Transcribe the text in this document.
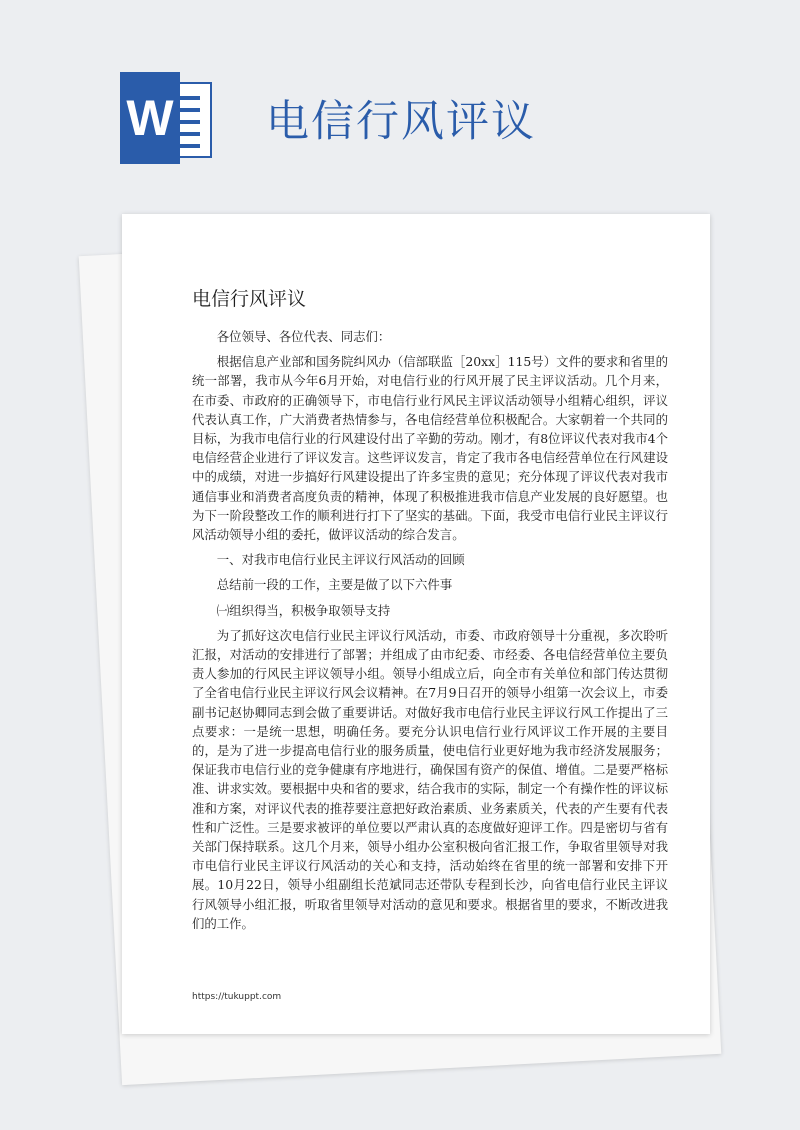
W 电信行风评议
电信行风评议

各位领导、各位代表、同志们：

根据信息产业部和国务院纠风办（信部联监［20xx］115号）文件的要求和省里的统一部署，我市从今年6月开始，对电信行业的行风开展了民主评议活动。几个月来，在市委、市政府的正确领导下，市电信行业行风民主评议活动领导小组精心组织，评议代表认真工作，广大消费者热情参与，各电信经营单位积极配合。大家朝着一个共同的目标，为我市电信行业的行风建设付出了辛勤的劳动。刚才，有8位评议代表对我市4个电信经营企业进行了评议发言。这些评议发言，肯定了我市各电信经营单位在行风建设中的成绩，对进一步搞好行风建设提出了许多宝贵的意见；充分体现了评议代表对我市通信事业和消费者高度负责的精神，体现了积极推进我市信息产业发展的良好愿望。也为下一阶段整改工作的顺利进行打下了坚实的基础。下面，我受市电信行业民主评议行风活动领导小组的委托，做评议活动的综合发言。

一、对我市电信行业民主评议行风活动的回顾

总结前一段的工作，主要是做了以下六件事

㈠组织得当，积极争取领导支持

为了抓好这次电信行业民主评议行风活动，市委、市政府领导十分重视，多次聆听汇报，对活动的安排进行了部署；并组成了由市纪委、市经委、各电信经营单位主要负责人参加的行风民主评议领导小组。领导小组成立后，向全市有关单位和部门传达贯彻了全省电信行业民主评议行风会议精神。在7月9日召开的领导小组第一次会议上，市委副书记赵协卿同志到会做了重要讲话。对做好我市电信行业民主评议行风工作提出了三点要求：一是统一思想，明确任务。要充分认识电信行业行风评议工作开展的主要目的，是为了进一步提高电信行业的服务质量，使电信行业更好地为我市经济发展服务；保证我市电信行业的竞争健康有序地进行，确保国有资产的保值、增值。二是要严格标准、讲求实效。要根据中央和省的要求，结合我市的实际，制定一个有操作性的评议标准和方案，对评议代表的推荐要注意把好政治素质、业务素质关，代表的产生要有代表性和广泛性。三是要求被评的单位要以严肃认真的态度做好迎评工作。四是密切与省有关部门保持联系。这几个月来，领导小组办公室积极向省汇报工作，争取省里领导对我市电信行业民主评议行风活动的关心和支持，活动始终在省里的统一部署和安排下开展。10月22日，领导小组副组长范斌同志还带队专程到长沙，向省电信行业民主评议行风领导小组汇报，听取省里领导对活动的意见和要求。根据省里的要求，不断改进我们的工作。

https://tukuppt.com
